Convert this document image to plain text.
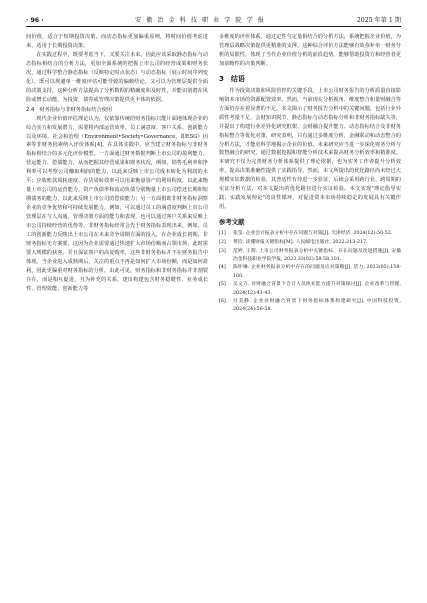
· 96 ·	安 徽 冶 金 科 技 职 业 学 院 学 报	2025 年第 1 期

间价值，适合于短期投资决策，而动态指标更加偏重原则，将时间价值考虑进来，适用于长期投资决策。

在实践过程中，既要考虑当下，又要关注未来，因此应该采取静态指标与动态指标相结合的分析方法，更加全面系统的把握上市公司的经营成果和财务状况，通过科学整合静态指标（反映特定时点状态）与动态指标（展示时间序列变化），既可以规避单一维度评估可能导致的偏颇结论，又可以为管理层提供全面的决策支持，这种分析方法提高了分析数据的精确度和及时性，并能识别潜在风险或增长动能，为投资、债券或管理决策提供更丰体的依据。

2.4　财务指标与非财务指标结合使用

现代企业价值评估理论认为，仅依靠传统的财务指标只能片面地体现企业的综合实力和发展潜力，需要将内部运营效率、员工满意度、客户关系、创新能力以及环境、社会和治理（Environment•Society•Governance，即ESG）因素等非财务因素纳入评价体系[4]。在具体实践中，应当建立财务指标与非财务指标相结合的多元化评价模型。一方面通过财务数据判断上市公司的盈利能力、营运能力、偿债能力，从而把握其经营成果和财务状况，例如，销售毛利率和净利率可以考察公司赚取利润的能力，以此来反映上市公司成本转化为利润的水平；应收账款周转速度、存货周转效率可以用来衡量资产的利用程度，以此来衡量上市公司的运营能力。资产负债率和流动负债分别衡量上市公司偿还长期和短期债务的能力，以此来反映上市公司的偿债能力；另一方面借助非财务指标洞察企业的竞争优势和可持续发展能力，例如，可以通过员工的满意度判断上市公司管理层在与人沟通、管理决策方面的能力和表现，也可以通过客户关系来反映上市公司持续经营的优势等。非财务指标经常会先于财务指标表现出来，例如，员工的创新能力反映出上市公司在未来竞争周期方面的投入，在企业成长初期，非财务指标无方案要，这因为企业需要通过快速扩大市场份额而占领市场，此时需要大规模的获客，并且保证客户的高复购率，这些非财务指标并不在财务报告中体现。当企业进入成熟期后，关注的重点不再是如何扩大市场份额，而是如何盈利，因此更偏重对财务指标的分析，由此可见，财务指标和非财务指标并非割裂存在，而是相互促进，互为补充的关系。建议构建包含财务稳健性、业务成长性、管理效能、创新能力等

多维度的评价体系，通过定性与定量相结合的分析方法，系统把握企业价值，为管理层战略决策提供更精准的支撑。这种综合评价方法能够有效弥补单一财务分析的局限性，体现了当代企业价值分析的前沿趋势，能够帮助投资方和经营者更加前瞻性的决策判断。

3　结语

作为投资决策和风险管控的关键手段，上市公司财务报告的分析质量直接影响资本市场的资源配置效率。然而，当前现在分析视角、维度整合和量财融合等方面仍存在着显著的不足。本文揭示了财务报告分析中的关键问题，包括行业异质性考量不足、会财知识脱节、静态指标与动态指标分析和非财务指标缺失等，并提出了构建行业差异化研究框架、会财融合提升能力、动态指标结合及非财务指标整合等优化对策，研究表明，只有通过多维度分析，金融联动和动态整合的分析方法，才能更科学地揭示企业的价值。未来研究应当进一步深化财务分析与数智融合的研究，通过数据挖掘和智能分析技术来提高财务分析效率和精准度。本研究不仅为完善财务分析体系提供了理论依据，也为实务工作者提升分析效率，提高决策准确性提供了实践指导。然而，本文所提出的优化路径尚未经过大规模实证数据的检验，其普适性有待进一步验证，后续会采用跨行业、跨周期的实证分析方法，对本文提出的优化路径进行实证检验。本文实现"理论指导实践，实践发展理论"的良性循环，对促进资本市场持续稳定的发展具有关键作用。

参考文献
[1]	张莹. 企业会计报表分析中存在问题与对策[J]. 天津经济, 2024(12):50-52.
[2]	黄钧. 读懂财报关键指标[M]. 人民邮电出版社, 2022:213-217.
[3]	范婷, 王辉. 上市公司财务报表分析中关键指标、存在问题及改进措施[J]. 安徽冶金科技职业学院学报, 2023,33(02):58-58,101.
[4]	陈怀琳. 企业财务报表分析中存在的问题及应对策略[J]. 活力, 2023(05):158-160.
[5]	吴文卉. 业财融合背景下会计人员执业能力提升对策探讨[J]. 企业改革与管理, 2024(12):41-43.
[6]	付美静. 企业业财融合背景下财务指标体系构建研究[J]. 中国科技投资, 2024(24):56-58.
